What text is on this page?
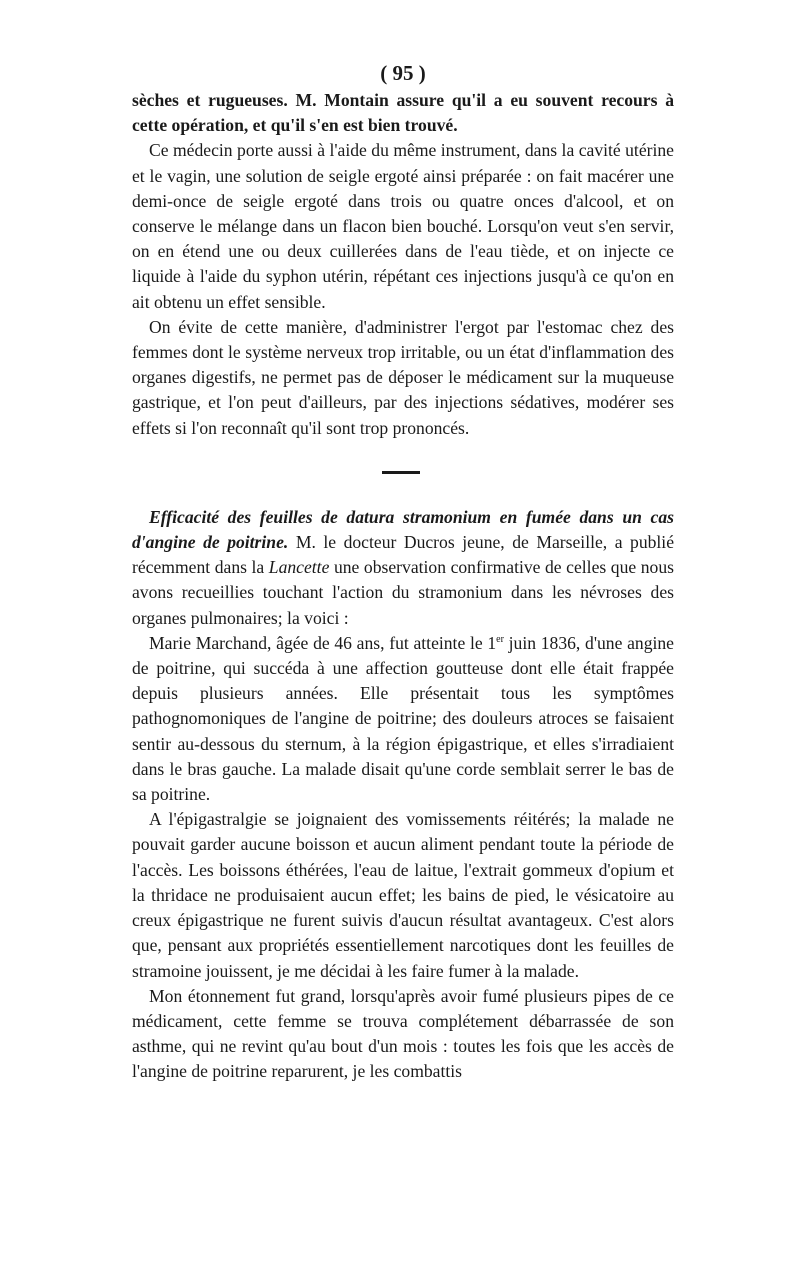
( 95 )

sèches et rugueuses. M. Montain assure qu'il a eu souvent recours à cette opération, et qu'il s'en est bien trouvé.

Ce médecin porte aussi à l'aide du même instrument, dans la cavité utérine et le vagin, une solution de seigle ergoté ainsi préparée : on fait macérer une demi-once de seigle ergoté dans trois ou quatre onces d'alcool, et on conserve le mélange dans un flacon bien bouché. Lorsqu'on veut s'en servir, on en étend une ou deux cuillerées dans de l'eau tiède, et on injecte ce liquide à l'aide du syphon utérin, répétant ces injections jusqu'à ce qu'on en ait obtenu un effet sensible.

On évite de cette manière, d'administrer l'ergot par l'estomac chez des femmes dont le système nerveux trop irritable, ou un état d'inflammation des organes digestifs, ne permet pas de déposer le médicament sur la muqueuse gastrique, et l'on peut d'ailleurs, par des injections sédatives, modérer ses effets si l'on reconnaît qu'il sont trop prononcés.

Efficacité des feuilles de datura stramonium en fumée dans un cas d'angine de poitrine. M. le docteur Ducros jeune, de Marseille, a publié récemment dans la Lancette une observation confirmative de celles que nous avons recueillies touchant l'action du stramonium dans les névroses des organes pulmonaires; la voici :

Marie Marchand, âgée de 46 ans, fut atteinte le 1er juin 1836, d'une angine de poitrine, qui succéda à une affection goutteuse dont elle était frappée depuis plusieurs années. Elle présentait tous les symptômes pathognomoniques de l'angine de poitrine; des douleurs atroces se faisaient sentir au-dessous du sternum, à la région épigastrique, et elles s'irradiaient dans le bras gauche. La malade disait qu'une corde semblait serrer le bas de sa poitrine.

A l'épigastralgie se joignaient des vomissements réitérés; la malade ne pouvait garder aucune boisson et aucun aliment pendant toute la période de l'accès. Les boissons éthérées, l'eau de laitue, l'extrait gommeux d'opium et la thridace ne produisaient aucun effet; les bains de pied, le vésicatoire au creux épigastrique ne furent suivis d'aucun résultat avantageux. C'est alors que, pensant aux propriétés essentiellement narcotiques dont les feuilles de stramoine jouissent, je me décidai à les faire fumer à la malade.

Mon étonnement fut grand, lorsqu'après avoir fumé plusieurs pipes de ce médicament, cette femme se trouva complétement débarrassée de son asthme, qui ne revint qu'au bout d'un mois : toutes les fois que les accès de l'angine de poitrine reparurent, je les combattis
